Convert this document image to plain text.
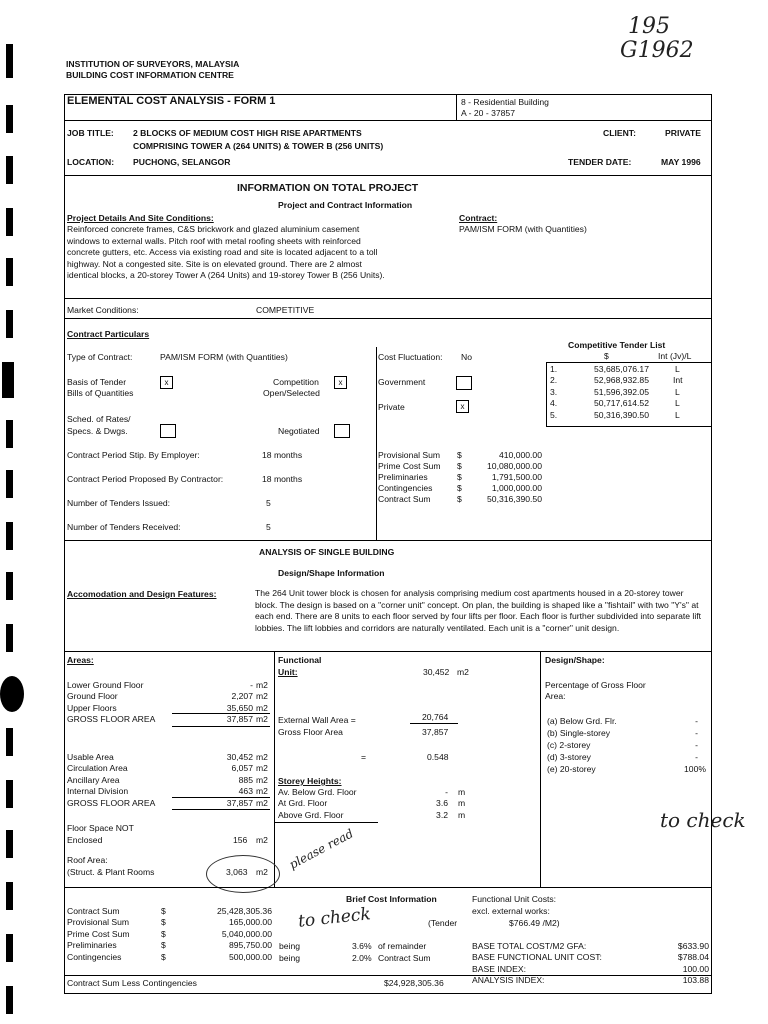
195
G1962
INSTITUTION OF SURVEYORS, MALAYSIA
BUILDING COST INFORMATION CENTRE
ELEMENTAL COST ANALYSIS - FORM 1	8 - Residential Building
A - 20 - 37857
JOB TITLE: 2 BLOCKS OF MEDIUM COST HIGH RISE APARTMENTS
COMPRISING TOWER A (264 UNITS) & TOWER B (256 UNITS)
CLIENT:	PRIVATE
LOCATION: PUCHONG, SELANGOR	TENDER DATE:	MAY 1996
INFORMATION ON TOTAL PROJECT
Project and Contract Information
Project Details And Site Conditions:
Reinforced concrete frames, C&S brickwork and glazed aluminium casement windows to external walls. Pitch roof with metal roofing sheets with reinforced concrete gutters, etc. Access via existing road and site is located adjacent to a toll highway. Not a congested site. Site is on elevated ground. There are 2 almost identical blocks, a 20-storey Tower A (264 Units) and 19-storey Tower B (256 Units).
Contract:
PAM/ISM FORM (with Quantities)
Market Conditions:	COMPETITIVE
Contract Particulars
Type of Contract:	PAM/ISM FORM (with Quantities)	Cost Fluctuation: No
Basis of Tender
Bills of Quantities
x	Competition
Open/Selected
x	Government
Private	x
Sched. of Rates/
Specs. & Dwgs.	Negotiated
Contract Period Stip. By Employer:	18 months
Contract Period Proposed By Contractor:	18 months
Number of Tenders Issued:	5
Number of Tenders Received:	5
Provisional Sum $	410,000.00
Prime Cost Sum $	10,080,000.00
Preliminaries	$	1,791,500.00
Contingencies	$	1,000,000.00
Contract Sum	$	50,316,390.50
Competitive Tender List
$	Int (Jv)/L
1.	53,685,076.17	L
2.	52,968,932.85	Int
3.	51,596,392.05	L
4.	50,717,614.52	L
5.	50,316,390.50	L
ANALYSIS OF SINGLE BUILDING
Design/Shape Information
Accomodation and Design Features:	The 264 Unit tower block is chosen for analysis comprising medium cost apartments housed in a 20-storey tower block. The design is based on a "corner unit" concept. On plan, the building is shaped like a "fishtail" with two "Y's" at each end. There are 8 units to each floor served by four lifts per floor. Each floor is further subdivided into separate lift lobbies. The lift lobbies and corridors are naturally ventilated. Each unit is a "corner" unit design.
Areas:
Lower Ground Floor	- m2
Ground Floor	2,207 m2
Upper Floors	35,650 m2
GROSS FLOOR AREA	37,857 m2
Usable Area	30,452 m2
Circulation Area	6,057 m2
Ancillary Area	885 m2
Internal Division	463 m2
GROSS FLOOR AREA	37,857 m2
Floor Space NOT
Enclosed	156 m2
Roof Area:
(Struct. & Plant Rooms	3,063 m2
Functional
Unit:	30,452 m2
External Wall Area =	20,764
Gross Floor Area	37,857
=	0.548
Storey Heights:
Av. Below Grd. Floor	- m
At Grd. Floor	3.6 m
Above Grd. Floor	3.2 m
please read
Design/Shape:
Percentage of Gross Floor
Area:
(a) Below Grd. Flr.	-
(b) Single-storey	-
(c) 2-storey	-
(d) 3-storey	-
(e) 20-storey	100%
to check
Brief Cost Information
Contract Sum	$	25,428,305.36
Provisional Sum	$	165,000.00
Prime Cost Sum	$	5,040,000.00
Preliminaries	$	895,750.00
Contingencies	$	500,000.00
to check	(Tender
being	3.6% of remainder
being	2.0% Contract Sum
Functional Unit Costs:
excl. external works:
$766.49 /M2)
BASE TOTAL COST/M2 GFA:	$633.90
BASE FUNCTIONAL UNIT COST:	$788.04
BASE INDEX:	100.00
ANALYSIS INDEX:	103.88
Contract Sum Less Contingencies	$24,928,305.36
